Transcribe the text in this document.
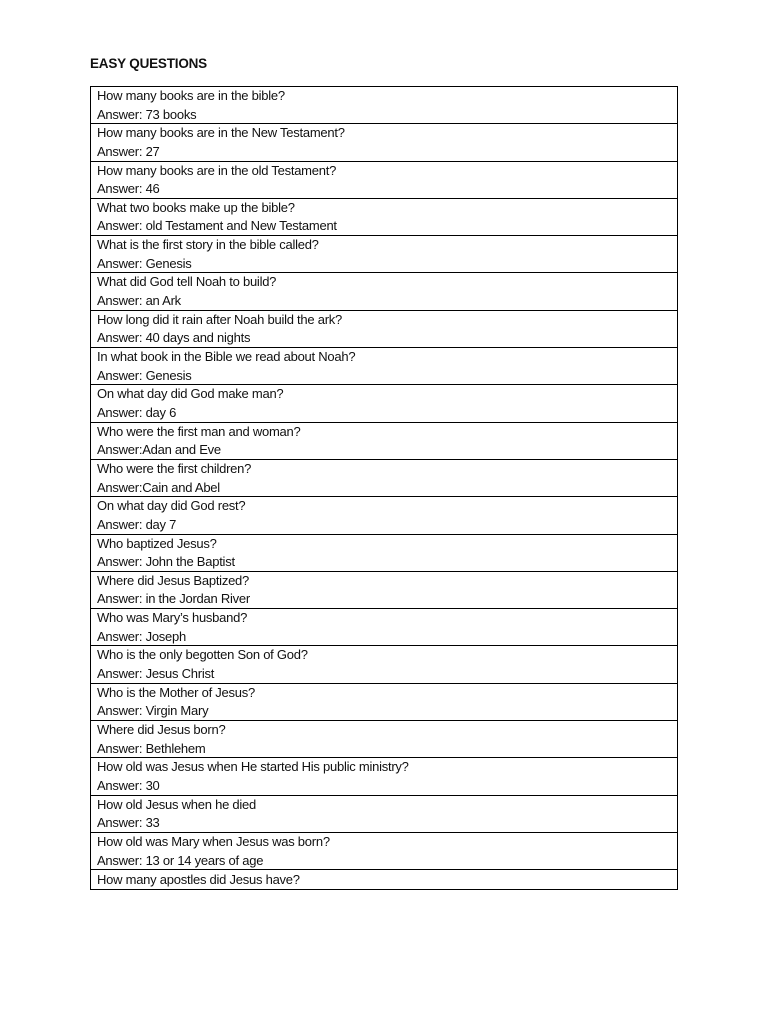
EASY QUESTIONS
How many books are in the bible?
Answer: 73 books
How many books are in the New Testament?
Answer: 27
How many books are in the old Testament?
Answer: 46
What two books make up the bible?
Answer: old Testament and New Testament
What is the first story in the bible called?
Answer: Genesis
What did God tell Noah to build?
Answer: an Ark
How long did it rain after Noah build the ark?
Answer: 40 days and nights
In what book in the Bible we read about Noah?
Answer: Genesis
On what day did God make man?
Answer: day 6
Who were the first man and woman?
Answer:Adan and Eve
Who were the first children?
Answer:Cain and Abel
On what day did God rest?
Answer: day 7
Who baptized Jesus?
Answer: John the Baptist
Where did Jesus Baptized?
Answer: in the Jordan River
Who was Mary’s husband?
Answer: Joseph
Who is the only begotten Son of God?
Answer: Jesus Christ
Who is the Mother of Jesus?
Answer: Virgin Mary
Where did Jesus born?
Answer: Bethlehem
How old was Jesus when He started His public ministry?
Answer: 30
How old Jesus when he died
Answer: 33
How old was Mary when Jesus was born?
Answer: 13 or 14 years of age
How many apostles did Jesus have?
